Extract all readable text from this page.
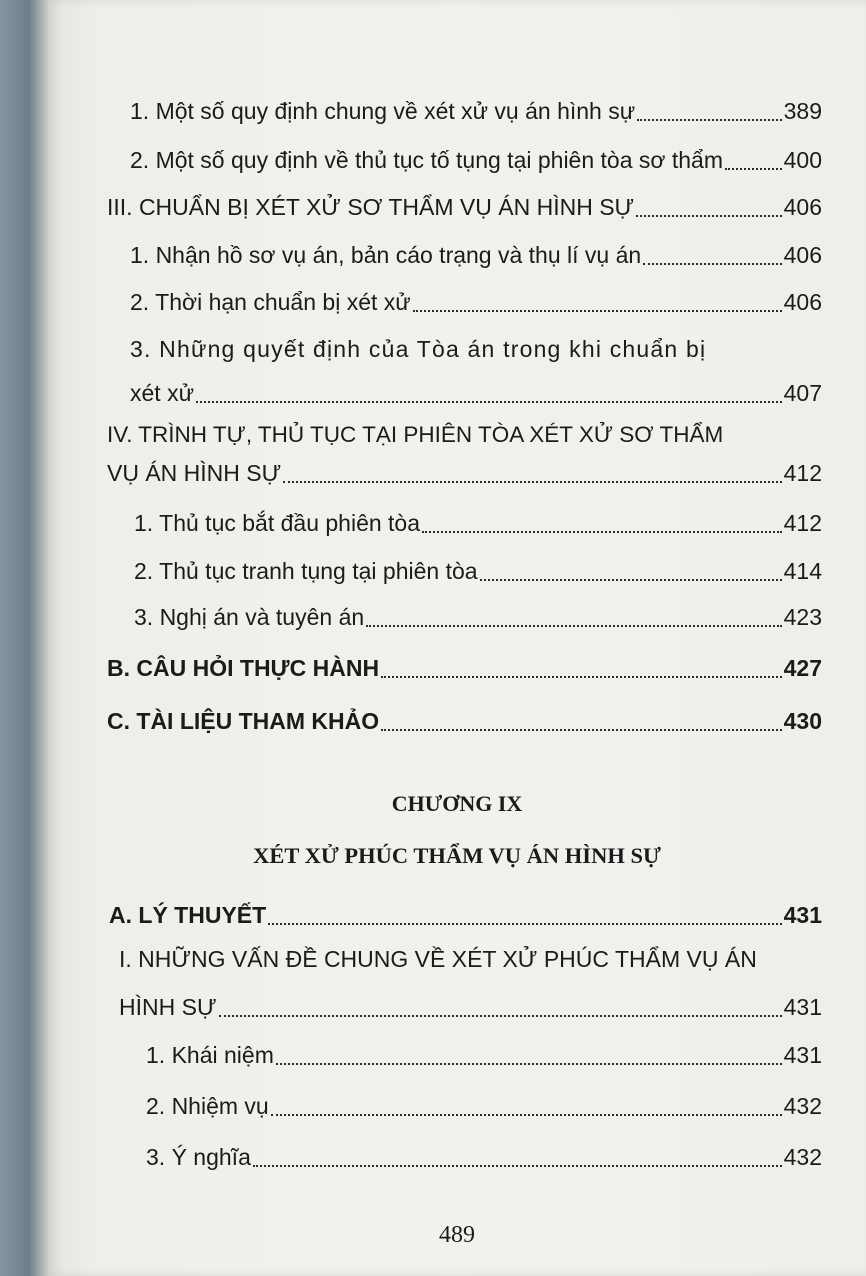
1. Một số quy định chung về xét xử vụ án hình sự	389
2. Một số quy định về thủ tục tố tụng tại phiên tòa sơ thẩm	400
III. CHUẨN BỊ XÉT XỬ SƠ THẨM VỤ ÁN HÌNH SỰ	406
1. Nhận hồ sơ vụ án, bản cáo trạng và thụ lí vụ án	406
2. Thời hạn chuẩn bị xét xử	406
3. Những quyết định của Tòa án trong khi chuẩn bị
xét xử	407
IV. TRÌNH TỰ, THỦ TỤC TẠI PHIÊN TÒA XÉT XỬ SƠ THẨM
VỤ ÁN HÌNH SỰ	412
1. Thủ tục bắt đầu phiên tòa	412
2. Thủ tục tranh tụng tại phiên tòa	414
3. Nghị án và tuyên án	423
B. CÂU HỎI THỰC HÀNH	427
C. TÀI LIỆU THAM KHẢO	430
CHƯƠNG IX
XÉT XỬ PHÚC THẨM VỤ ÁN HÌNH SỰ
A. LÝ THUYẾT	431
I. NHỮNG VẤN ĐỀ CHUNG VỀ XÉT XỬ PHÚC THẨM VỤ ÁN
HÌNH SỰ	431
1. Khái niệm	431
2. Nhiệm vụ	432
3. Ý nghĩa	432
489
